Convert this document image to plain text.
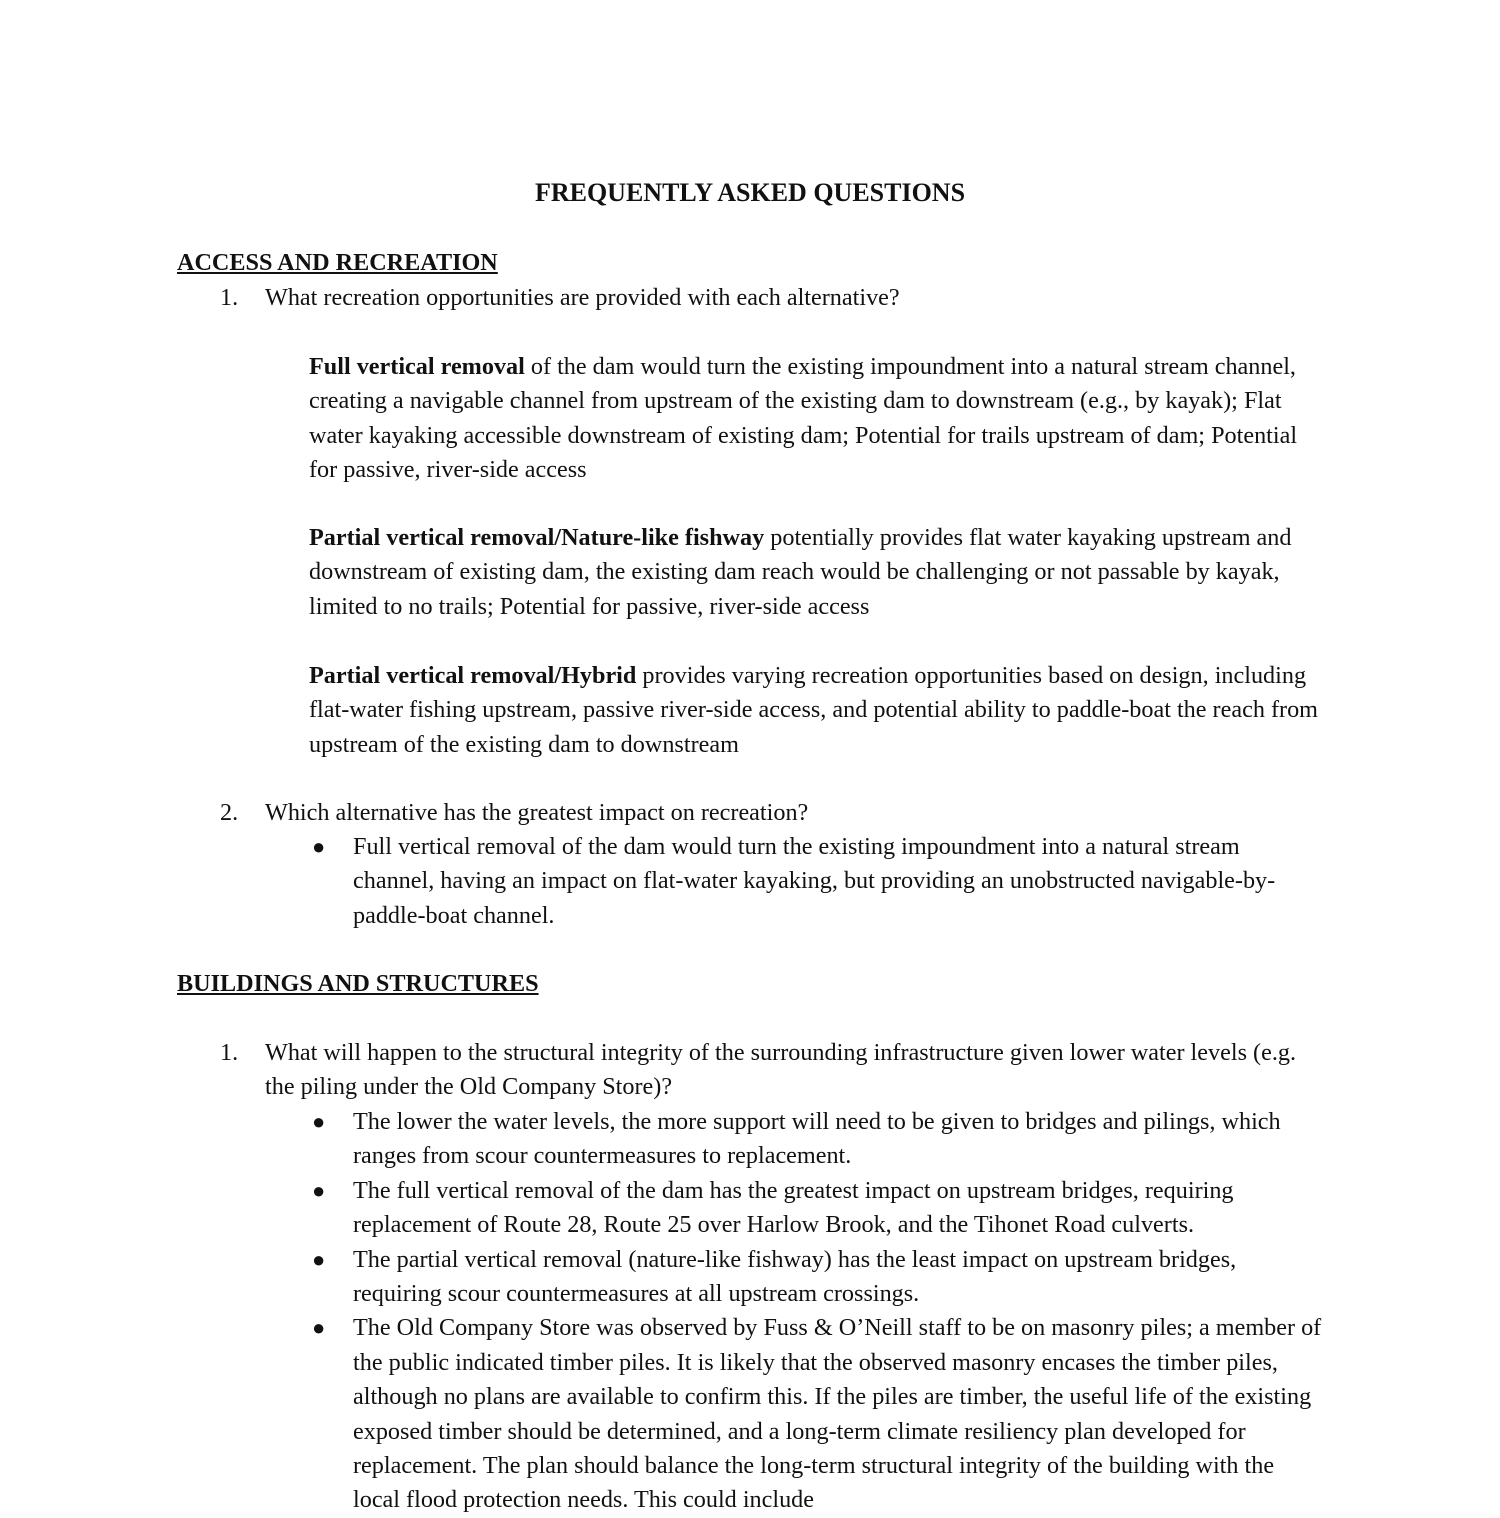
FREQUENTLY ASKED QUESTIONS
ACCESS AND RECREATION
1. What recreation opportunities are provided with each alternative?

Full vertical removal of the dam would turn the existing impoundment into a natural stream channel, creating a navigable channel from upstream of the existing dam to downstream (e.g., by kayak); Flat water kayaking accessible downstream of existing dam; Potential for trails upstream of dam; Potential for passive, river-side access

Partial vertical removal/Nature-like fishway potentially provides flat water kayaking upstream and downstream of existing dam, the existing dam reach would be challenging or not passable by kayak, limited to no trails; Potential for passive, river-side access

Partial vertical removal/Hybrid provides varying recreation opportunities based on design, including flat-water fishing upstream, passive river-side access, and potential ability to paddle-boat the reach from upstream of the existing dam to downstream

2. Which alternative has the greatest impact on recreation?
● Full vertical removal of the dam would turn the existing impoundment into a natural stream channel, having an impact on flat-water kayaking, but providing an unobstructed navigable-by-paddle-boat channel.
BUILDINGS AND STRUCTURES
1. What will happen to the structural integrity of the surrounding infrastructure given lower water levels (e.g. the piling under the Old Company Store)?
● The lower the water levels, the more support will need to be given to bridges and pilings, which ranges from scour countermeasures to replacement.
● The full vertical removal of the dam has the greatest impact on upstream bridges, requiring replacement of Route 28, Route 25 over Harlow Brook, and the Tihonet Road culverts.
● The partial vertical removal (nature-like fishway) has the least impact on upstream bridges, requiring scour countermeasures at all upstream crossings.
● The Old Company Store was observed by Fuss & O’Neill staff to be on masonry piles; a member of the public indicated timber piles. It is likely that the observed masonry encases the timber piles, although no plans are available to confirm this. If the piles are timber, the useful life of the existing exposed timber should be determined, and a long-term climate resiliency plan developed for replacement. The plan should balance the long-term structural integrity of the building with the local flood protection needs. This could include
